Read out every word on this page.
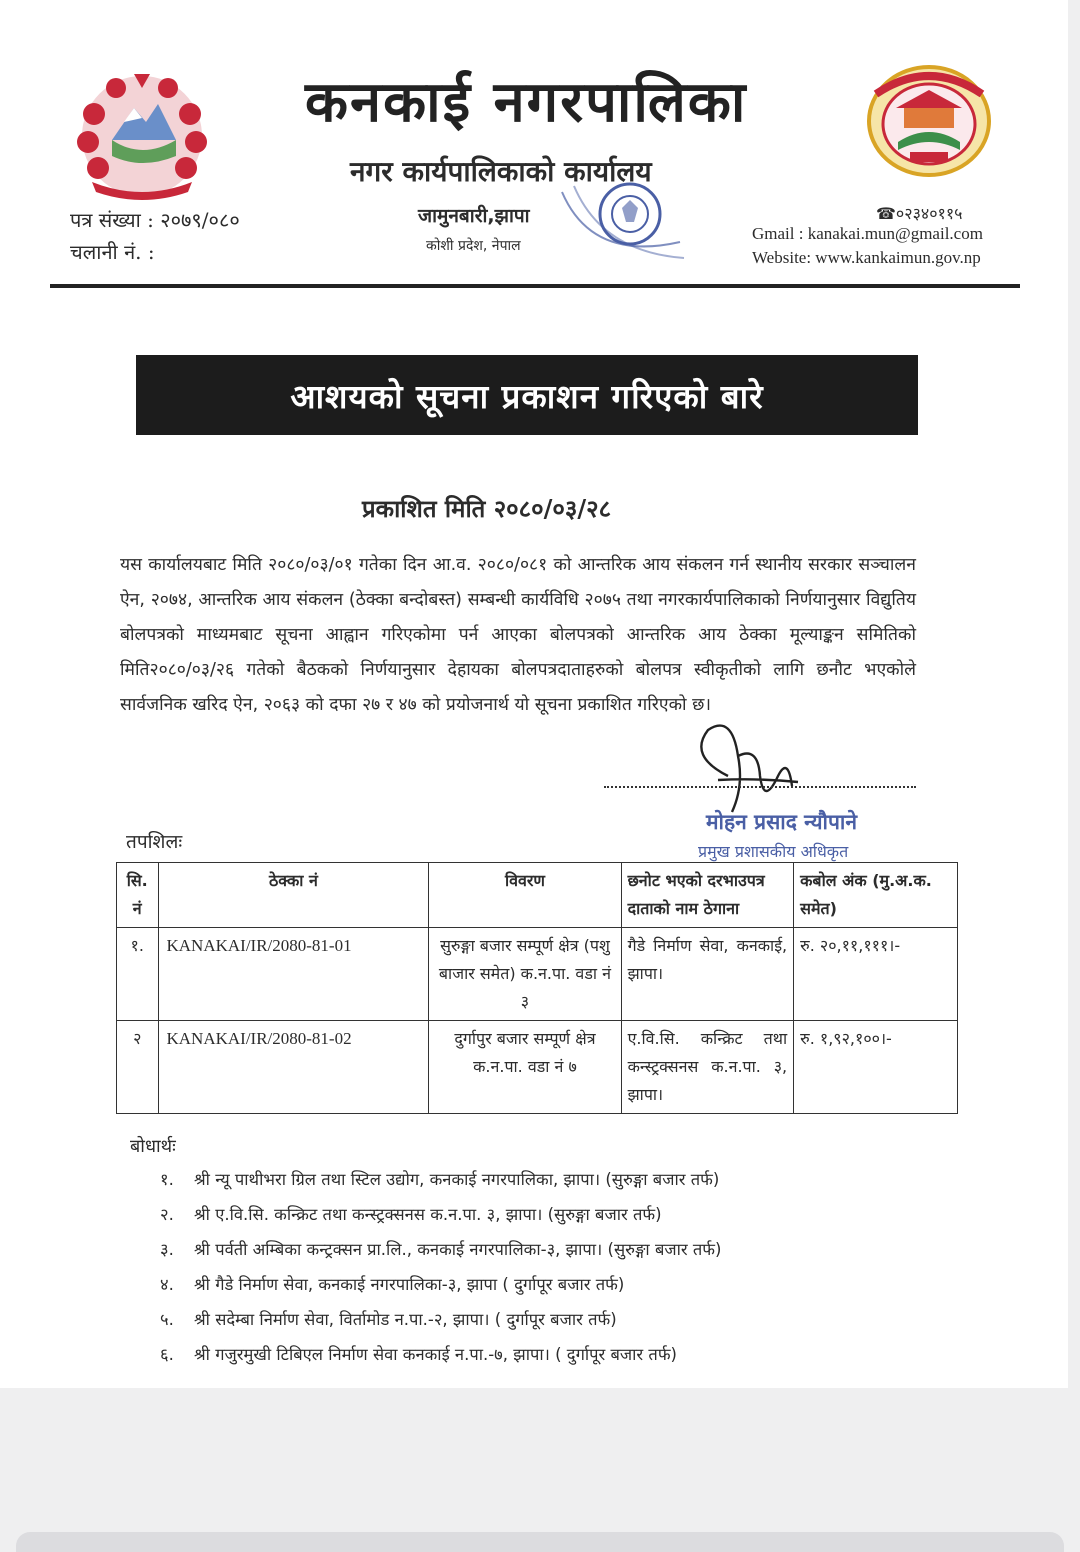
कनकाई नगरपालिका
नगर कार्यपालिकाको कार्यालय
जामुनबारी,झापा
कोशी प्रदेश, नेपाल
पत्र संख्या : २०७९/०८०
चलानी नं. :
☎०२३४०११५
Gmail : kanakai.mun@gmail.com
Website: www.kankaimun.gov.np
आशयको सूचना प्रकाशन गरिएको बारे
प्रकाशित मिति २०८०/०३/२८
यस कार्यालयबाट मिति २०८०/०३/०१ गतेका दिन आ.व. २०८०/०८१ को आन्तरिक आय संकलन गर्न स्थानीय सरकार सञ्चालन ऐन, २०७४, आन्तरिक आय संकलन (ठेक्का बन्दोबस्त) सम्बन्धी कार्यविधि २०७५ तथा नगरकार्यपालिकाको निर्णयानुसार विद्युतिय बोलपत्रको माध्यमबाट सूचना आह्वान गरिएकोमा पर्न आएका बोलपत्रको आन्तरिक आय ठेक्का मूल्याङ्कन समितिको मिति२०८०/०३/२६ गतेको बैठकको निर्णयानुसार देहायका बोलपत्रदाताहरुको बोलपत्र स्वीकृतीको लागि छनौट भएकोले सार्वजनिक खरिद ऐन, २०६३ को दफा २७ र ४७ को प्रयोजनार्थ यो सूचना प्रकाशित गरिएको छ।
मोहन प्रसाद न्यौपाने
प्रमुख प्रशासकीय अधिकृत
तपशिलः
सि. नं	ठेक्का नं	विवरण	छनोट भएको दरभाउपत्र दाताको नाम ठेगाना	कबोल अंक (मु.अ.क. समेत)
१.	KANAKAI/IR/2080-81-01	सुरुङ्गा बजार सम्पूर्ण क्षेत्र (पशु बाजार समेत) क.न.पा. वडा नं ३	गैडे निर्माण सेवा, कनकाई, झापा।	रु. २०,११,१११।-
२	KANAKAI/IR/2080-81-02	दुर्गापुर बजार सम्पूर्ण क्षेत्र क.न.पा. वडा नं ७	ए.वि.सि. कन्क्रिट तथा कन्स्ट्रक्सनस क.न.पा. ३, झापा।	रु. १,९२,१००।-
बोधार्थः
१. श्री न्यू पाथीभरा ग्रिल तथा स्टिल उद्योग, कनकाई नगरपालिका, झापा। (सुरुङ्गा बजार तर्फ)
२. श्री ए.वि.सि. कन्क्रिट तथा कन्स्ट्रक्सनस क.न.पा. ३, झापा। (सुरुङ्गा बजार तर्फ)
३. श्री पर्वती अम्बिका कन्ट्रक्सन प्रा.लि., कनकाई नगरपालिका-३, झापा। (सुरुङ्गा बजार तर्फ)
४. श्री गैडे निर्माण सेवा, कनकाई नगरपालिका-३, झापा ( दुर्गापूर बजार तर्फ)
५. श्री सदेम्बा निर्माण सेवा, विर्तामोड न.पा.-२, झापा। ( दुर्गापूर बजार तर्फ)
६. श्री गजुरमुखी टिबिएल निर्माण सेवा कनकाई न.पा.-७, झापा। ( दुर्गापूर बजार तर्फ)
